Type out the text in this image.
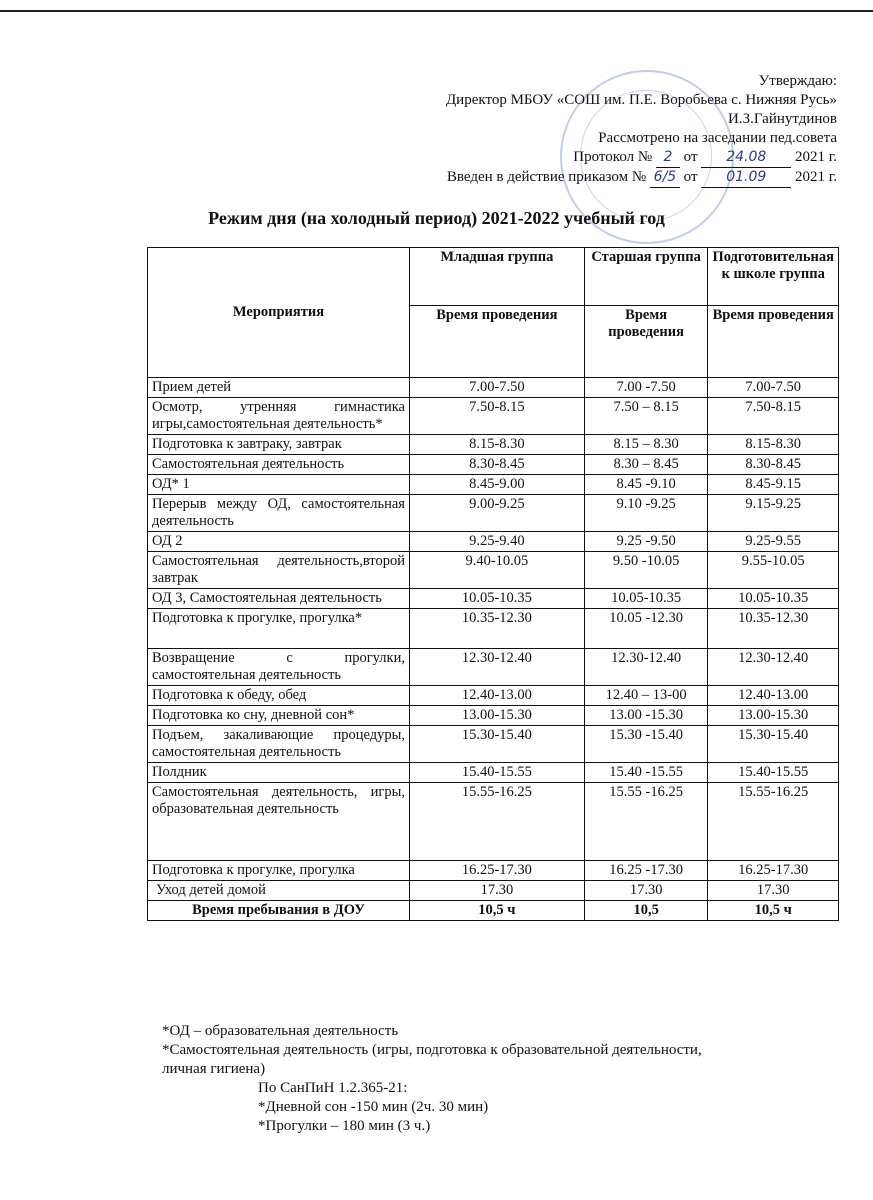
Утверждаю:
Директор МБОУ «СОШ им. П.Е. Воробьева с. Нижняя Русь»
И.З.Гайнутдинов
Рассмотрено на заседании пед.совета
Протокол № 2 от 24.08 2021 г.
Введен в действие приказом № 6/5 от 01.09 2021 г.
Режим дня (на холодный период) 2021-2022 учебный год
Мероприятия	Младшая группа	Старшая группа	Подготовительная к школе группа
	Время проведения	Время проведения	Время проведения
Прием детей	7.00-7.50	7.00 -7.50	7.00-7.50
Осмотр, утренняя гимнастика игры,самостоятельная деятельность*	7.50-8.15	7.50 – 8.15	7.50-8.15
Подготовка к завтраку, завтрак	8.15-8.30	8.15 – 8.30	8.15-8.30
Самостоятельная деятельность	8.30-8.45	8.30 – 8.45	8.30-8.45
ОД* 1	8.45-9.00	8.45 -9.10	8.45-9.15
Перерыв между ОД, самостоятельная деятельность	9.00-9.25	9.10 -9.25	9.15-9.25
ОД 2	9.25-9.40	9.25 -9.50	9.25-9.55
Самостоятельная деятельность,второй завтрак	9.40-10.05	9.50 -10.05	9.55-10.05
ОД 3, Самостоятельная деятельность	10.05-10.35	10.05-10.35	10.05-10.35
Подготовка к прогулке, прогулка*	10.35-12.30	10.05 -12.30	10.35-12.30
Возвращение с прогулки, самостоятельная деятельность	12.30-12.40	12.30-12.40	12.30-12.40
Подготовка к обеду, обед	12.40-13.00	12.40 – 13-00	12.40-13.00
Подготовка ко сну, дневной сон*	13.00-15.30	13.00 -15.30	13.00-15.30
Подъем, закаливающие процедуры, самостоятельная деятельность	15.30-15.40	15.30 -15.40	15.30-15.40
Полдник	15.40-15.55	15.40 -15.55	15.40-15.55
Самостоятельная деятельность, игры, образовательная деятельность	15.55-16.25	15.55 -16.25	15.55-16.25
Подготовка к прогулке, прогулка	16.25-17.30	16.25 -17.30	16.25-17.30
Уход детей домой	17.30	17.30	17.30
Время пребывания в ДОУ	10,5 ч	10,5	10,5 ч
*ОД – образовательная деятельность
*Самостоятельная деятельность (игры, подготовка к образовательной деятельности,
личная гигиена)
По СанПиН 1.2.365-21:
*Дневной сон -150 мин (2ч. 30 мин)
*Прогулки – 180 мин (3 ч.)
